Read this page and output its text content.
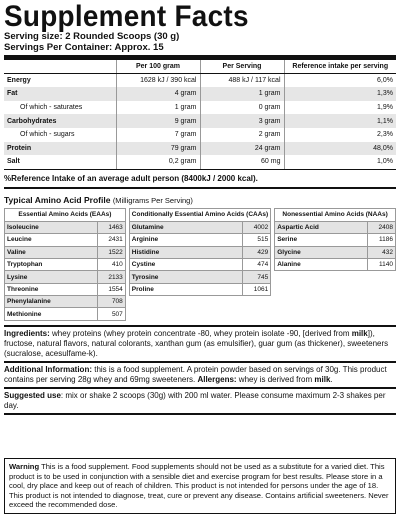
Supplement Facts
Serving size: 2 Rounded Scoops (30 g)
Servings Per Container: Approx. 15
	Per 100 gram	Per Serving	Reference intake per serving
Energy	1628 kJ / 390 kcal	488 kJ / 117 kcal	6,0%
Fat	4 gram	1 gram	1,3%
Of which - saturates	1 gram	0 gram	1,9%
Carbohydrates	9 gram	3 gram	1,1%
Of which - sugars	7 gram	2 gram	2,3%
Protein	79 gram	24 gram	48,0%
Salt	0,2 gram	60 mg	1,0%
%Reference Intake of an average adult person (8400kJ / 2000 kcal).
Typical Amino Acid Profile (Milligrams Per Serving)
Essential Amino Acids (EAAs)	
Isoleucine	1463
Leucine	2431
Valine	1522
Tryptophan	410
Lysine	2133
Threonine	1554
Phenylalanine	708
Methionine	507
Conditionally Essential Amino Acids (CAAs)	
Glutamine	4002
Arginine	515
Histidine	429
Cystine	474
Tyrosine	745
Proline	1061
Nonessential Amino Acids (NAAs)	
Aspartic Acid	2408
Serine	1186
Glycine	432
Alanine	1140
Ingredients: whey proteins (whey protein concentrate -80, whey protein isolate -90, [derived from milk]), fructose, natural flavors, natural colorants, xanthan gum (as emulsifier), guar gum (as thickener), sweeteners (sucralose, acesulfame-k).
Additional Information: this is a food supplement. A protein powder based on servings of 30g. This product contains per serving 28g whey and 69mg sweeteners. Allergens: whey is derived from milk.
Suggested use: mix or shake 2 scoops (30g) with 200 ml water. Please consume maximum 2-3 shakes per day.
Warning This is a food supplement. Food supplements should not be used as a substitute for a varied diet. This product is to be used in conjunction with a sensible diet and exercise program for best results. Please store in a cool, dry place and keep out of reach of children. This product is not intended for persons under the age of 18. This product is not intended to diagnose, treat, cure or prevent any disease. Contains artificial sweeteners. Never exceed the recommended dose.
